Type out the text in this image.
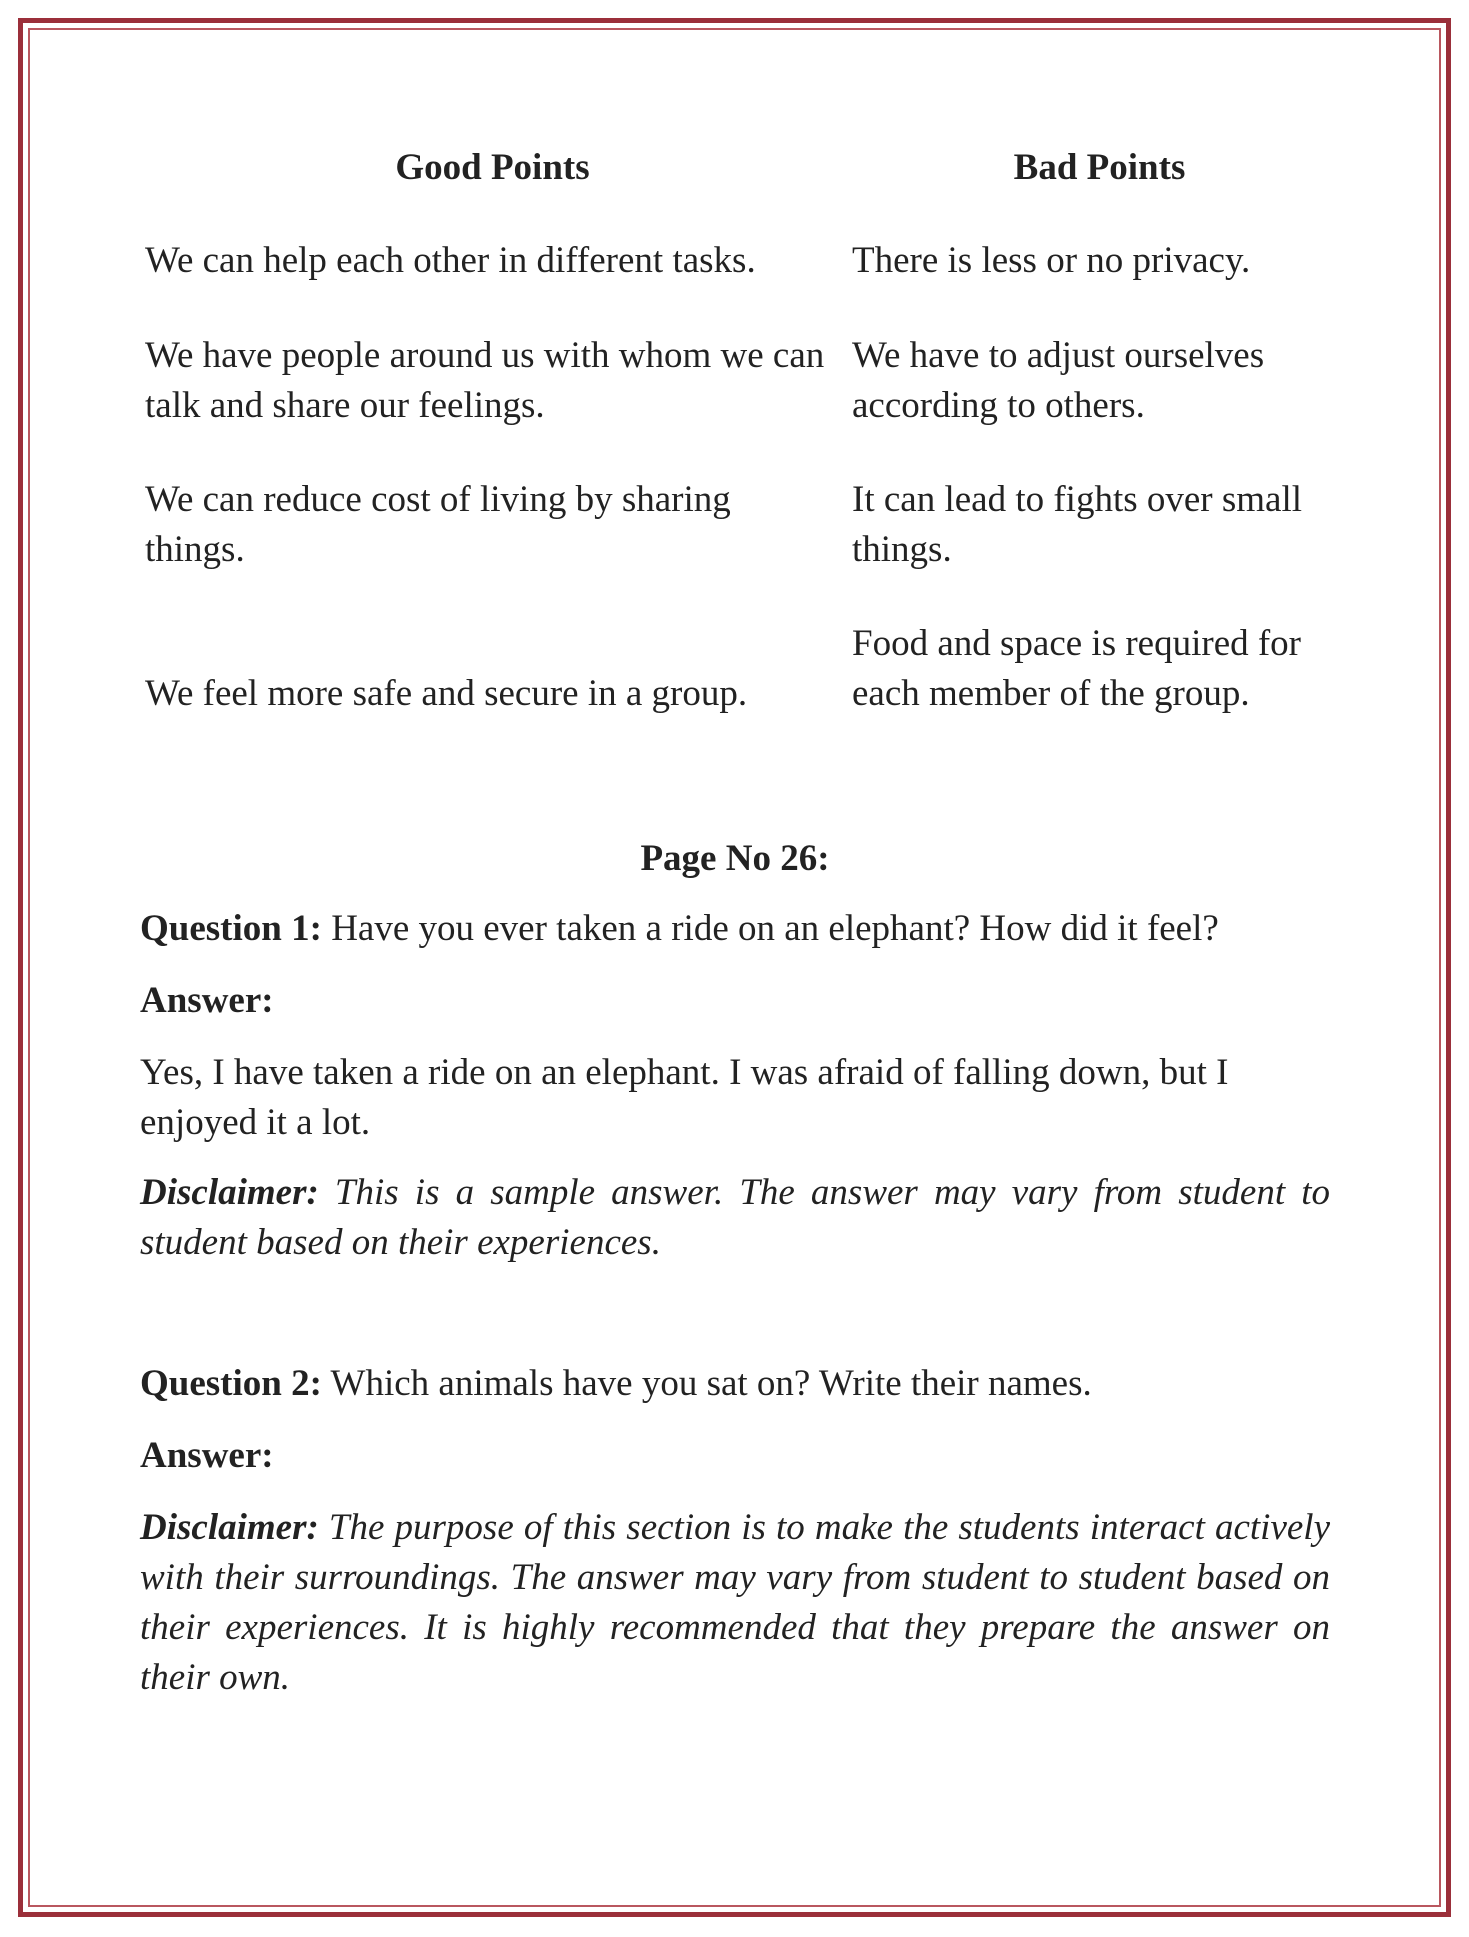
Good Points	Bad Points
We can help each other in different tasks.	There is less or no privacy.
We have people around us with whom we can talk and share our feelings.
We have to adjust ourselves according to others.
We can reduce cost of living by sharing things.
It can lead to fights over small things.
We feel more safe and secure in a group.
Food and space is required for each member of the group.
Page No 26:
Question 1: Have you ever taken a ride on an elephant? How did it feel?
Answer:
Yes, I have taken a ride on an elephant. I was afraid of falling down, but I enjoyed it a lot.
Disclaimer: This is a sample answer. The answer may vary from student to student based on their experiences.
Question 2: Which animals have you sat on? Write their names.
Answer:
Disclaimer: The purpose of this section is to make the students interact actively with their surroundings. The answer may vary from student to student based on their experiences. It is highly recommended that they prepare the answer on their own.
